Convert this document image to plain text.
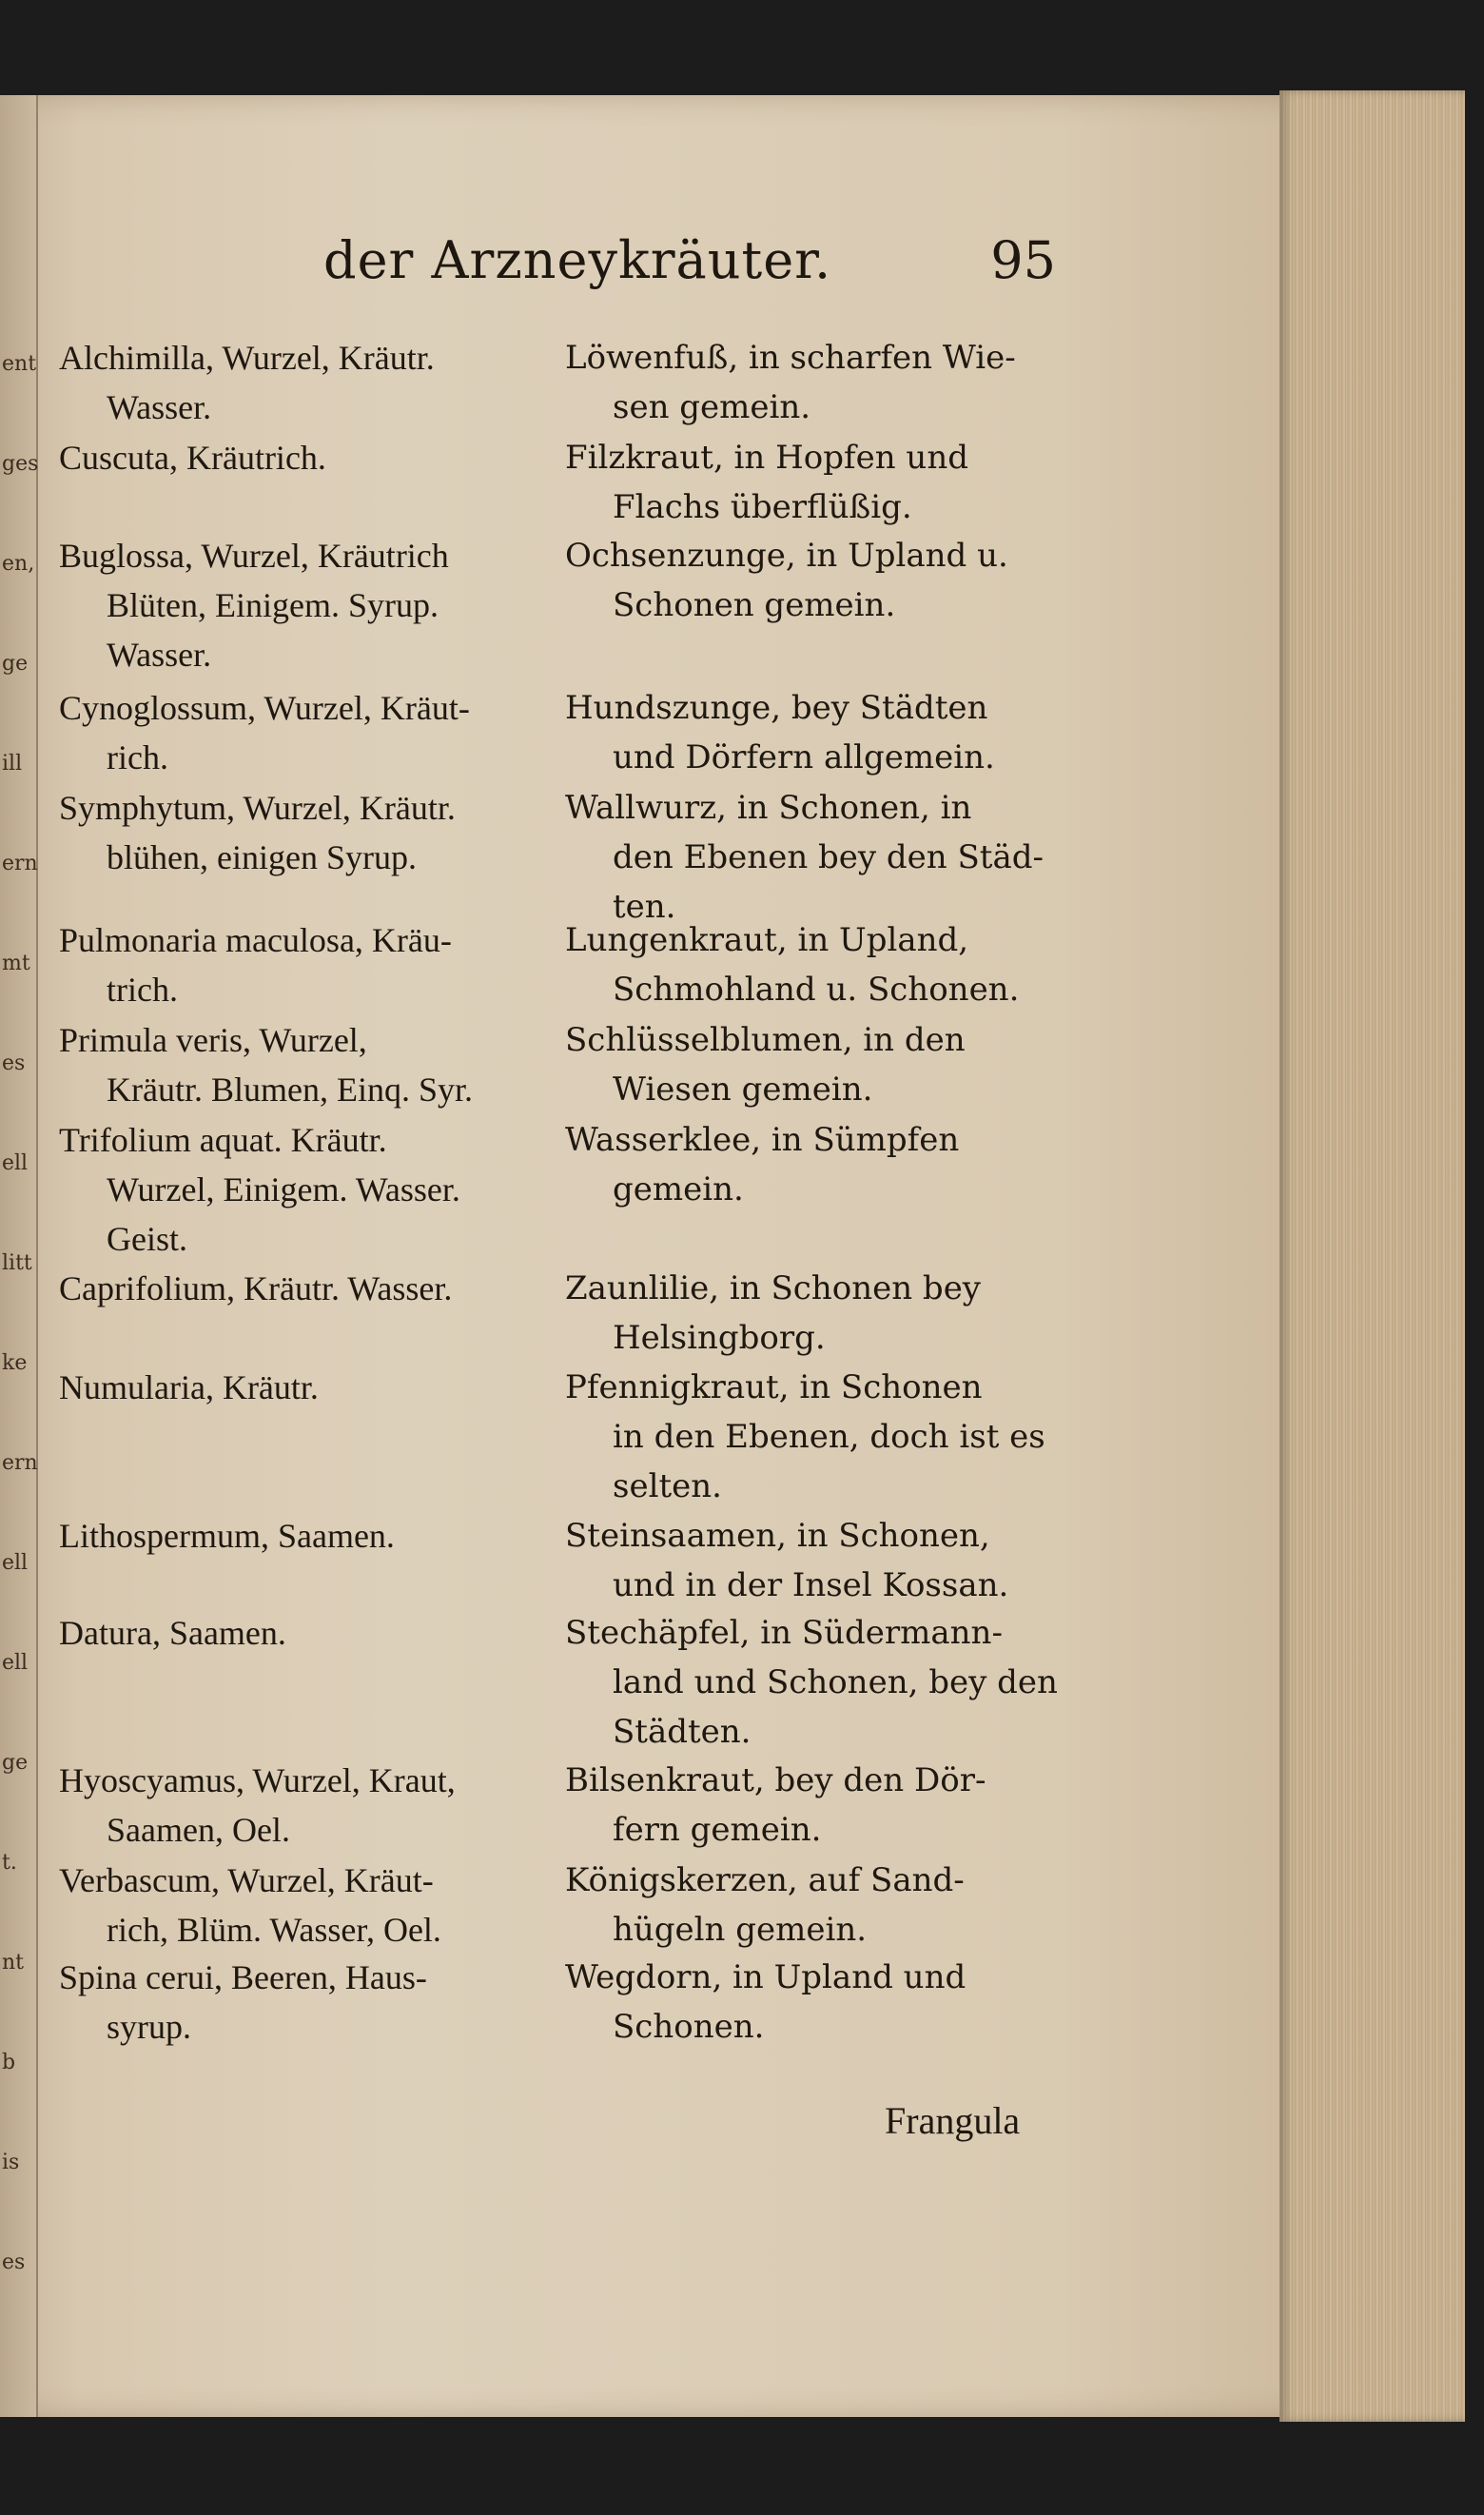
ent
ges
en,
ge
ill
ern
mt
es
ell
litt
ke
ern
ell
ell
ge
t.
nt
b
is
es
der Arzneykräuter.	95
Alchimilla, Wurzel, Kräutr.
Wasser.
Cuscuta, Kräutrich.
Buglossa, Wurzel, Kräutrich
Blüten, Einigem. Syrup.
Wasser.
Cynoglossum, Wurzel, Kräut-
rich.
Symphytum, Wurzel, Kräutr.
blühen, einigen Syrup.
Pulmonaria maculosa, Kräu-
trich.
Primula veris, Wurzel,
Kräutr. Blumen, Einq. Syr.
Trifolium aquat. Kräutr.
Wurzel, Einigem. Wasser.
Geist.
Caprifolium, Kräutr. Wasser.
Numularia, Kräutr.
Lithospermum, Saamen.
Datura, Saamen.
Hyoscyamus, Wurzel, Kraut,
Saamen, Oel.
Verbascum, Wurzel, Kräut-
rich, Blüm. Wasser, Oel.
Spina cerui, Beeren, Haus-
syrup.
Löwenfuß, in scharfen Wie-
sen gemein.
Filzkraut, in Hopfen und
Flachs überflüßig.
Ochsenzunge, in Upland u.
Schonen gemein.
Hundszunge, bey Städten
und Dörfern allgemein.
Wallwurz, in Schonen, in
den Ebenen bey den Städ-
ten.
Lungenkraut, in Upland,
Schmohland u. Schonen.
Schlüsselblumen, in den
Wiesen gemein.
Wasserklee, in Sümpfen
gemein.
Zaunlilie, in Schonen bey
Helsingborg.
Pfennigkraut, in Schonen
in den Ebenen, doch ist es
selten.
Steinsaamen, in Schonen,
und in der Insel Kossan.
Stechäpfel, in Südermann-
land und Schonen, bey den
Städten.
Bilsenkraut, bey den Dör-
fern gemein.
Königskerzen, auf Sand-
hügeln gemein.
Wegdorn, in Upland und
Schonen.
Frangula
